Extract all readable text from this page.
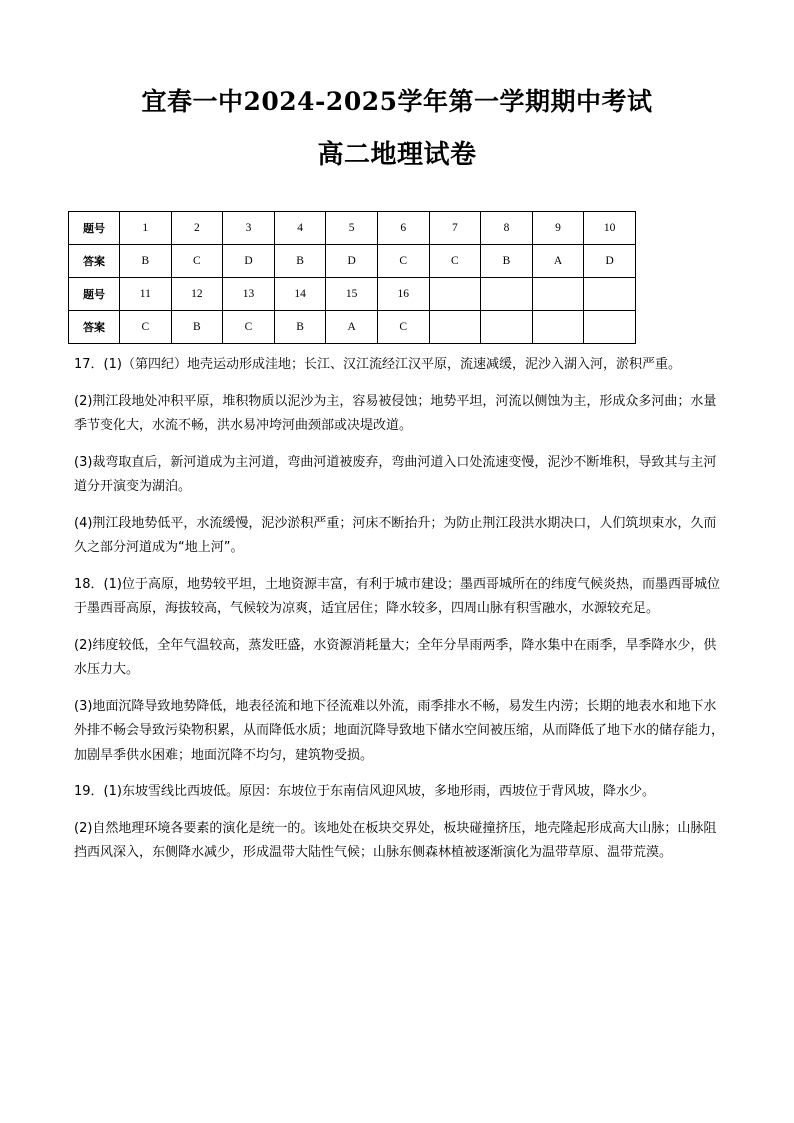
宜春一中2024-2025学年第一学期期中考试
高二地理试卷
题号	1	2	3	4	5	6	7	8	9	10
答案	B	C	D	B	D	C	C	B	A	D
题号	11	12	13	14	15	16				
答案	C	B	C	B	A	C				

17．(1)（第四纪）地壳运动形成洼地；长江、汉江流经江汉平原，流速减缓，泥沙入湖入河，淤积严重。

(2)荆江段地处冲积平原，堆积物质以泥沙为主，容易被侵蚀；地势平坦，河流以侧蚀为主，形成众多河曲；水量季节变化大，水流不畅，洪水易冲垮河曲颈部或决堤改道。

(3)裁弯取直后，新河道成为主河道，弯曲河道被废弃，弯曲河道入口处流速变慢，泥沙不断堆积，导致其与主河道分开演变为湖泊。

(4)荆江段地势低平，水流缓慢，泥沙淤积严重；河床不断抬升；为防止荆江段洪水期决口，人们筑坝束水，久而久之部分河道成为“地上河”。

18．(1)位于高原，地势较平坦，土地资源丰富，有利于城市建设；墨西哥城所在的纬度气候炎热，而墨西哥城位于墨西哥高原，海拔较高，气候较为凉爽，适宜居住；降水较多，四周山脉有积雪融水，水源较充足。

(2)纬度较低，全年气温较高，蒸发旺盛，水资源消耗量大；全年分旱雨两季，降水集中在雨季，旱季降水少，供水压力大。

(3)地面沉降导致地势降低，地表径流和地下径流难以外流，雨季排水不畅，易发生内涝；长期的地表水和地下水外排不畅会导致污染物积累，从而降低水质；地面沉降导致地下储水空间被压缩，从而降低了地下水的储存能力，加剧旱季供水困难；地面沉降不均匀，建筑物受损。

19．(1)东坡雪线比西坡低。原因：东坡位于东南信风迎风坡，多地形雨，西坡位于背风坡，降水少。

(2)自然地理环境各要素的演化是统一的。该地处在板块交界处，板块碰撞挤压，地壳隆起形成高大山脉；山脉阻挡西风深入，东侧降水减少，形成温带大陆性气候；山脉东侧森林植被逐渐演化为温带草原、温带荒漠。
